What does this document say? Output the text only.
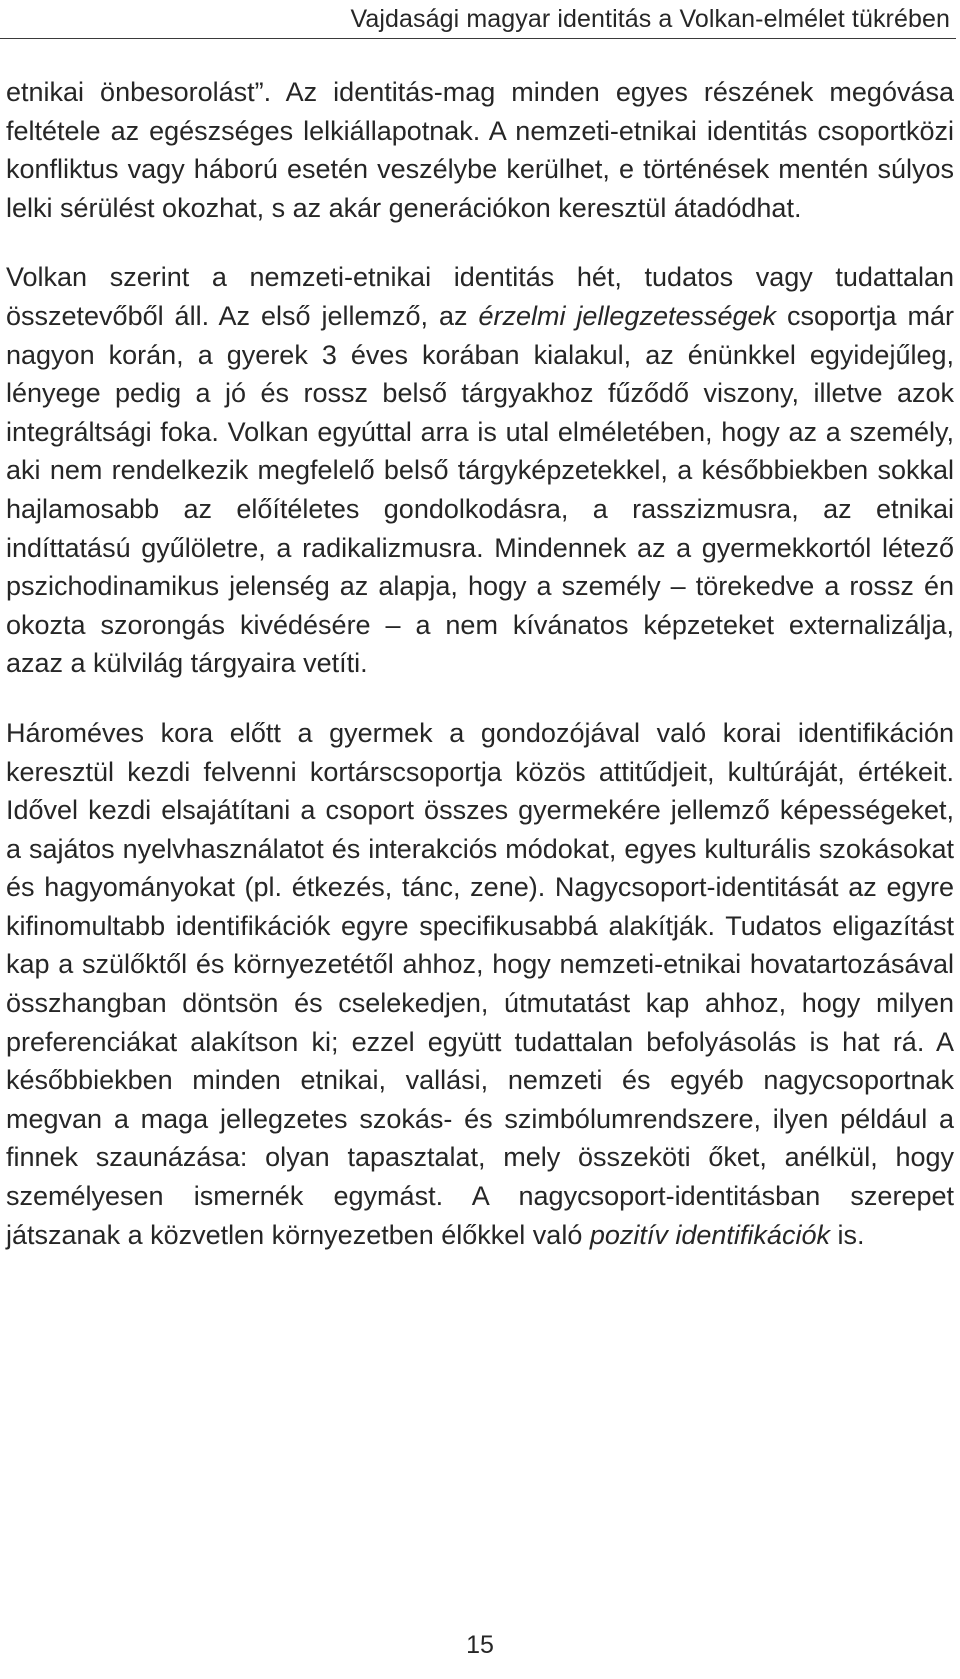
Vajdasági magyar identitás a Volkan-elmélet tükrében

etnikai önbesorolást”. Az identitás-mag minden egyes részének megóvása feltétele az egészséges lelkiállapotnak. A nemzeti-etnikai identitás csoportközi konfliktus vagy háború esetén veszélybe kerülhet, e történések mentén súlyos lelki sérülést okozhat, s az akár generációkon keresztül átadódhat.

Volkan szerint a nemzeti-etnikai identitás hét, tudatos vagy tudattalan összetevőből áll. Az első jellemző, az érzelmi jellegzetességek csoportja már nagyon korán, a gyerek 3 éves korában kialakul, az énünkkel egyidejűleg, lényege pedig a jó és rossz belső tárgyakhoz fűződő viszony, illetve azok integráltsági foka. Volkan egyúttal arra is utal elméletében, hogy az a személy, aki nem rendelkezik megfelelő belső tárgyképzetekkel, a későbbiekben sokkal hajlamosabb az előítéletes gondolkodásra, a rasszizmusra, az etnikai indíttatású gyűlöletre, a radikalizmusra. Mindennek az a gyermekkortól létező pszichodinamikus jelenség az alapja, hogy a személy – törekedve a rossz én okozta szorongás kivédésére – a nem kívánatos képzeteket externalizálja, azaz a külvilág tárgyaira vetíti.

Hároméves kora előtt a gyermek a gondozójával való korai identifikáción keresztül kezdi felvenni kortárscsoportja közös attitűdjeit, kultúráját, értékeit. Idővel kezdi elsajátítani a csoport összes gyermekére jellemző képességeket, a sajátos nyelvhasználatot és interakciós módokat, egyes kulturális szokásokat és hagyományokat (pl. étkezés, tánc, zene). Nagycsoport-identitását az egyre kifinomultabb identifikációk egyre specifikusabbá alakítják. Tudatos eligazítást kap a szülőktől és környezetétől ahhoz, hogy nemzeti-etnikai hovatartozásával összhangban döntsön és cselekedjen, útmutatást kap ahhoz, hogy milyen preferenciákat alakítson ki; ezzel együtt tudattalan befolyásolás is hat rá. A későbbiekben minden etnikai, vallási, nemzeti és egyéb nagycsoportnak megvan a maga jellegzetes szokás- és szimbólumrendszere, ilyen például a finnek szaunázása: olyan tapasztalat, mely összeköti őket, anélkül, hogy személyesen ismernék egymást. A nagycsoport-identitásban szerepet játszanak a közvetlen környezetben élőkkel való pozitív identifikációk is.

15
